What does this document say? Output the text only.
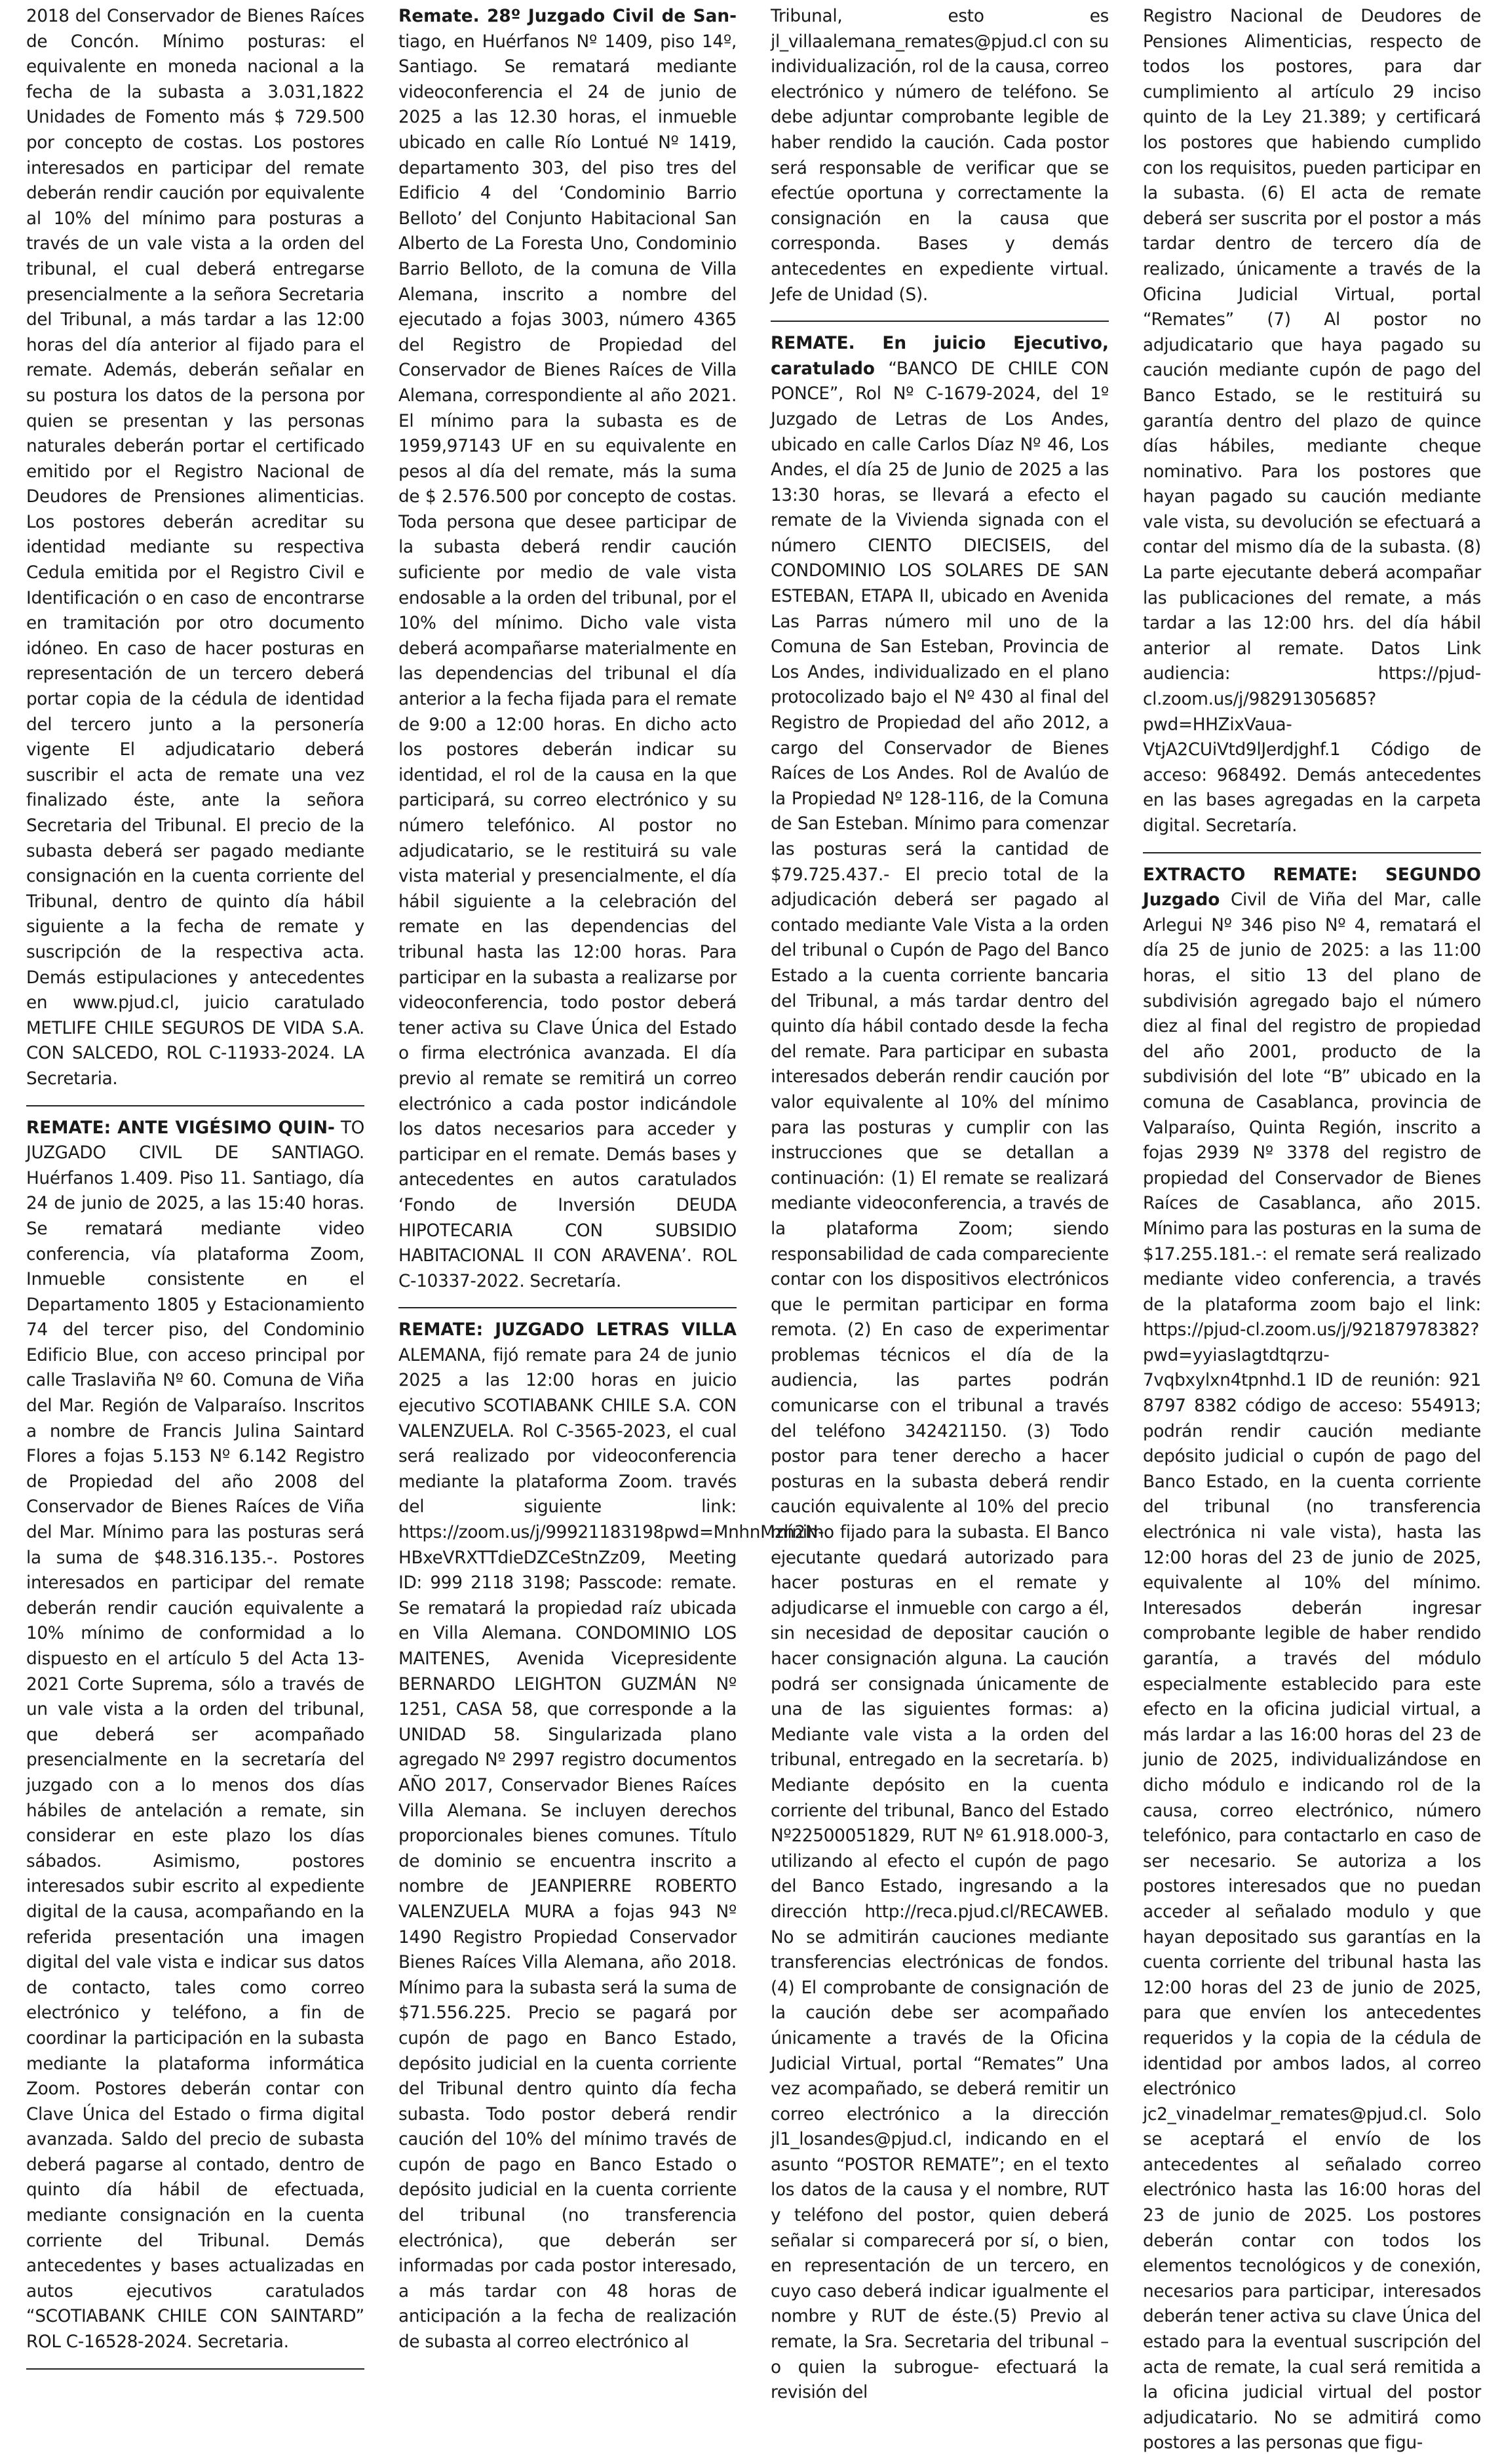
2018 del Conservador de Bienes Raíces de Concón. Mínimo posturas: el equivalente en moneda nacional a la fecha de la subasta a 3.031,1822 Unidades de Fomento más $ 729.500 por concepto de costas. Los postores interesados en participar del remate deberán rendir caución por equivalente al 10% del mínimo para posturas a través de un vale vista a la orden del tribunal, el cual deberá entregarse presencialmente a la señora Secretaria del Tribunal, a más tardar a las 12:00 horas del día anterior al fijado para el remate. Además, deberán señalar en su postura los datos de la persona por quien se presentan y las personas naturales deberán portar el certificado emitido por el Registro Nacional de Deudores de Prensiones alimenticias. Los postores deberán acreditar su identidad mediante su respectiva Cedula emitida por el Registro Civil e Identificación o en caso de encontrarse en tramitación por otro documento idóneo. En caso de hacer posturas en representación de un tercero deberá portar copia de la cédula de identidad del tercero junto a la personería vigente El adjudicatario deberá suscribir el acta de remate una vez finalizado éste, ante la señora Secretaria del Tribunal. El precio de la subasta deberá ser pagado mediante consignación en la cuenta corriente del Tribunal, dentro de quinto día hábil siguiente a la fecha de remate y suscripción de la respectiva acta. Demás estipulaciones y antecedentes en www.pjud.cl, juicio caratulado METLIFE CHILE SEGUROS DE VIDA S.A. CON SALCEDO, ROL C-11933-2024. LA Secretaria.

REMATE: ANTE VIGÉSIMO QUIN- TO JUZGADO CIVIL DE SANTIAGO. Huérfanos 1.409. Piso 11. Santiago, día 24 de junio de 2025, a las 15:40 horas. Se rematará mediante video conferencia, vía plataforma Zoom, Inmueble consistente en el Departamento 1805 y Estacionamiento 74 del tercer piso, del Condominio Edificio Blue, con acceso principal por calle Traslaviña Nº 60. Comuna de Viña del Mar. Región de Valparaíso. Inscritos a nombre de Francis Julina Saintard Flores a fojas 5.153 Nº 6.142 Registro de Propiedad del año 2008 del Conservador de Bienes Raíces de Viña del Mar. Mínimo para las posturas será la suma de $48.316.135.-. Postores interesados en participar del remate deberán rendir caución equivalente a 10% mínimo de conformidad a lo dispuesto en el artículo 5 del Acta 13-2021 Corte Suprema, sólo a través de un vale vista a la orden del tribunal, que deberá ser acompañado presencialmente en la secretaría del juzgado con a lo menos dos días hábiles de antelación a remate, sin considerar en este plazo los días sábados. Asimismo, postores interesados subir escrito al expediente digital de la causa, acompañando en la referida presentación una imagen digital del vale vista e indicar sus datos de contacto, tales como correo electrónico y teléfono, a fin de coordinar la participación en la subasta mediante la plataforma informática Zoom. Postores deberán contar con Clave Única del Estado o firma digital avanzada. Saldo del precio de subasta deberá pagarse al contado, dentro de quinto día hábil de efectuada, mediante consignación en la cuenta corriente del Tribunal. Demás antecedentes y bases actualizadas en autos ejecutivos caratulados “SCOTIABANK CHILE CON SAINTARD” ROL C-16528-2024. Secretaria.

Remate. 28º Juzgado Civil de San- tiago, en Huérfanos Nº 1409, piso 14º, Santiago. Se rematará mediante videoconferencia el 24 de junio de 2025 a las 12.30 horas, el inmueble ubicado en calle Río Lontué Nº 1419, departamento 303, del piso tres del Edificio 4 del ‘Condominio Barrio Belloto’ del Conjunto Habitacional San Alberto de La Foresta Uno, Condominio Barrio Belloto, de la comuna de Villa Alemana, inscrito a nombre del ejecutado a fojas 3003, número 4365 del Registro de Propiedad del Conservador de Bienes Raíces de Villa Alemana, correspondiente al año 2021. El mínimo para la subasta es de 1959,97143 UF en su equivalente en pesos al día del remate, más la suma de $ 2.576.500 por concepto de costas. Toda persona que desee participar de la subasta deberá rendir caución suficiente por medio de vale vista endosable a la orden del tribunal, por el 10% del mínimo. Dicho vale vista deberá acompañarse materialmente en las dependencias del tribunal el día anterior a la fecha fijada para el remate de 9:00 a 12:00 horas. En dicho acto los postores deberán indicar su identidad, el rol de la causa en la que participará, su correo electrónico y su número telefónico. Al postor no adjudicatario, se le restituirá su vale vista material y presencialmente, el día hábil siguiente a la celebración del remate en las dependencias del tribunal hasta las 12:00 horas. Para participar en la subasta a realizarse por videoconferencia, todo postor deberá tener activa su Clave Única del Estado o firma electrónica avanzada. El día previo al remate se remitirá un correo electrónico a cada postor indicándole los datos necesarios para acceder y participar en el remate. Demás bases y antecedentes en autos caratulados ‘Fondo de Inversión DEUDA HIPOTECARIA CON SUBSIDIO HABITACIONAL II CON ARAVENA’. ROL C-10337-2022. Secretaría.

REMATE: JUZGADO LETRAS VILLA ALEMANA, fijó remate para 24 de junio 2025 a las 12:00 horas en juicio ejecutivo SCOTIABANK CHILE S.A. CON VALENZUELA. Rol C-3565-2023, el cual será realizado por videoconferencia mediante la plataforma Zoom. través del siguiente link: https://zoom.us/j/99921183198pwd=MnhnMzh2N-HBxeVRXTTdieDZCeStnZz09, Meeting ID: 999 2118 3198; Passcode: remate. Se rematará la propiedad raíz ubicada en Villa Alemana. CONDOMINIO LOS MAITENES, Avenida Vicepresidente BERNARDO LEIGHTON GUZMÁN Nº 1251, CASA 58, que corresponde a la UNIDAD 58. Singularizada plano agregado Nº 2997 registro documentos AÑO 2017, Conservador Bienes Raíces Villa Alemana. Se incluyen derechos proporcionales bienes comunes. Título de dominio se encuentra inscrito a nombre de JEANPIERRE ROBERTO VALENZUELA MURA a fojas 943 Nº 1490 Registro Propiedad Conservador Bienes Raíces Villa Alemana, año 2018. Mínimo para la subasta será la suma de $71.556.225. Precio se pagará por cupón de pago en Banco Estado, depósito judicial en la cuenta corriente del Tribunal dentro quinto día fecha subasta. Todo postor deberá rendir caución del 10% del mínimo través de cupón de pago en Banco Estado o depósito judicial en la cuenta corriente del tribunal (no transferencia electrónica), que deberán ser informadas por cada postor interesado, a más tardar con 48 horas de anticipación a la fecha de realización de subasta al correo electrónico al

Tribunal, esto es jl_villaalemana_remates@pjud.cl con su individualización, rol de la causa, correo electrónico y número de teléfono. Se debe adjuntar comprobante legible de haber rendido la caución. Cada postor será responsable de verificar que se efectúe oportuna y correctamente la consignación en la causa que corresponda. Bases y demás antecedentes en expediente virtual. Jefe de Unidad (S).

REMATE. En juicio Ejecutivo, caratulado “BANCO DE CHILE CON PONCE”, Rol Nº C-1679-2024, del 1º Juzgado de Letras de Los Andes, ubicado en calle Carlos Díaz Nº 46, Los Andes, el día 25 de Junio de 2025 a las 13:30 horas, se llevará a efecto el remate de la Vivienda signada con el número CIENTO DIECISEIS, del CONDOMINIO LOS SOLARES DE SAN ESTEBAN, ETAPA II, ubicado en Avenida Las Parras número mil uno de la Comuna de San Esteban, Provincia de Los Andes, individualizado en el plano protocolizado bajo el Nº 430 al final del Registro de Propiedad del año 2012, a cargo del Conservador de Bienes Raíces de Los Andes. Rol de Avalúo de la Propiedad Nº 128-116, de la Comuna de San Esteban. Mínimo para comenzar las posturas será la cantidad de $79.725.437.- El precio total de la adjudicación deberá ser pagado al contado mediante Vale Vista a la orden del tribunal o Cupón de Pago del Banco Estado a la cuenta corriente bancaria del Tribunal, a más tardar dentro del quinto día hábil contado desde la fecha del remate. Para participar en subasta interesados deberán rendir caución por valor equivalente al 10% del mínimo para las posturas y cumplir con las instrucciones que se detallan a continuación: (1) El remate se realizará mediante videoconferencia, a través de la plataforma Zoom; siendo responsabilidad de cada compareciente contar con los dispositivos electrónicos que le permitan participar en forma remota. (2) En caso de experimentar problemas técnicos el día de la audiencia, las partes podrán comunicarse con el tribunal a través del teléfono 342421150. (3) Todo postor para tener derecho a hacer posturas en la subasta deberá rendir caución equivalente al 10% del precio mínimo fijado para la subasta. El Banco ejecutante quedará autorizado para hacer posturas en el remate y adjudicarse el inmueble con cargo a él, sin necesidad de depositar caución o hacer consignación alguna. La caución podrá ser consignada únicamente de una de las siguientes formas: a) Mediante vale vista a la orden del tribunal, entregado en la secretaría. b) Mediante depósito en la cuenta corriente del tribunal, Banco del Estado Nº22500051829, RUT Nº 61.918.000-3, utilizando al efecto el cupón de pago del Banco Estado, ingresando a la dirección http://reca.pjud.cl/RECAWEB. No se admitirán cauciones mediante transferencias electrónicas de fondos. (4) El comprobante de consignación de la caución debe ser acompañado únicamente a través de la Oficina Judicial Virtual, portal “Remates” Una vez acompañado, se deberá remitir un correo electrónico a la dirección jl1_losandes@pjud.cl, indicando en el asunto “POSTOR REMATE”; en el texto los datos de la causa y el nombre, RUT y teléfono del postor, quien deberá señalar si comparecerá por sí, o bien, en representación de un tercero, en cuyo caso deberá indicar igualmente el nombre y RUT de éste.(5) Previo al remate, la Sra. Secretaria del tribunal – o quien la subrogue- efectuará la revisión del

Registro Nacional de Deudores de Pensiones Alimenticias, respecto de todos los postores, para dar cumplimiento al artículo 29 inciso quinto de la Ley 21.389; y certificará los postores que habiendo cumplido con los requisitos, pueden participar en la subasta. (6) El acta de remate deberá ser suscrita por el postor a más tardar dentro de tercero día de realizado, únicamente a través de la Oficina Judicial Virtual, portal “Remates” (7) Al postor no adjudicatario que haya pagado su caución mediante cupón de pago del Banco Estado, se le restituirá su garantía dentro del plazo de quince días hábiles, mediante cheque nominativo. Para los postores que hayan pagado su caución mediante vale vista, su devolución se efectuará a contar del mismo día de la subasta. (8) La parte ejecutante deberá acompañar las publicaciones del remate, a más tardar a las 12:00 hrs. del día hábil anterior al remate. Datos Link audiencia: https://pjud-cl.zoom.us/j/98291305685?pwd=HHZixVaua-VtjA2CUiVtd9lJerdjghf.1 Código de acceso: 968492. Demás antecedentes en las bases agregadas en la carpeta digital. Secretaría.

EXTRACTO REMATE: SEGUNDO Juzgado Civil de Viña del Mar, calle Arlegui Nº 346 piso Nº 4, rematará el día 25 de junio de 2025: a las 11:00 horas, el sitio 13 del plano de subdivisión agregado bajo el número diez al final del registro de propiedad del año 2001, producto de la subdivisión del lote “B” ubicado en la comuna de Casablanca, provincia de Valparaíso, Quinta Región, inscrito a fojas 2939 Nº 3378 del registro de propiedad del Conservador de Bienes Raíces de Casablanca, año 2015. Mínimo para las posturas en la suma de $17.255.181.-: el remate será realizado mediante video conferencia, a través de la plataforma zoom bajo el link: https://pjud-cl.zoom.us/j/92187978382?pwd=yyiasIagtdtqrzu-7vqbxylxn4tpnhd.1 ID de reunión: 921 8797 8382 código de acceso: 554913; podrán rendir caución mediante depósito judicial o cupón de pago del Banco Estado, en la cuenta corriente del tribunal (no transferencia electrónica ni vale vista), hasta las 12:00 horas del 23 de junio de 2025, equivalente al 10% del mínimo. Interesados deberán ingresar comprobante legible de haber rendido garantía, a través del módulo especialmente establecido para este efecto en la oficina judicial virtual, a más lardar a las 16:00 horas del 23 de junio de 2025, individualizándose en dicho módulo e indicando rol de la causa, correo electrónico, número telefónico, para contactarlo en caso de ser necesario. Se autoriza a los postores interesados que no puedan acceder al señalado modulo y que hayan depositado sus garantías en la cuenta corriente del tribunal hasta las 12:00 horas del 23 de junio de 2025, para que envíen los antecedentes requeridos y la copia de la cédula de identidad por ambos lados, al correo electrónico jc2_vinadelmar_remates@pjud.cl. Solo se aceptará el envío de los antecedentes al señalado correo electrónico hasta las 16:00 horas del 23 de junio de 2025. Los postores deberán contar con todos los elementos tecnológicos y de conexión, necesarios para participar, interesados deberán tener activa su clave Única del estado para la eventual suscripción del acta de remate, la cual será remitida a la oficina judicial virtual del postor adjudicatario. No se admitirá como postores a las personas que figu-
